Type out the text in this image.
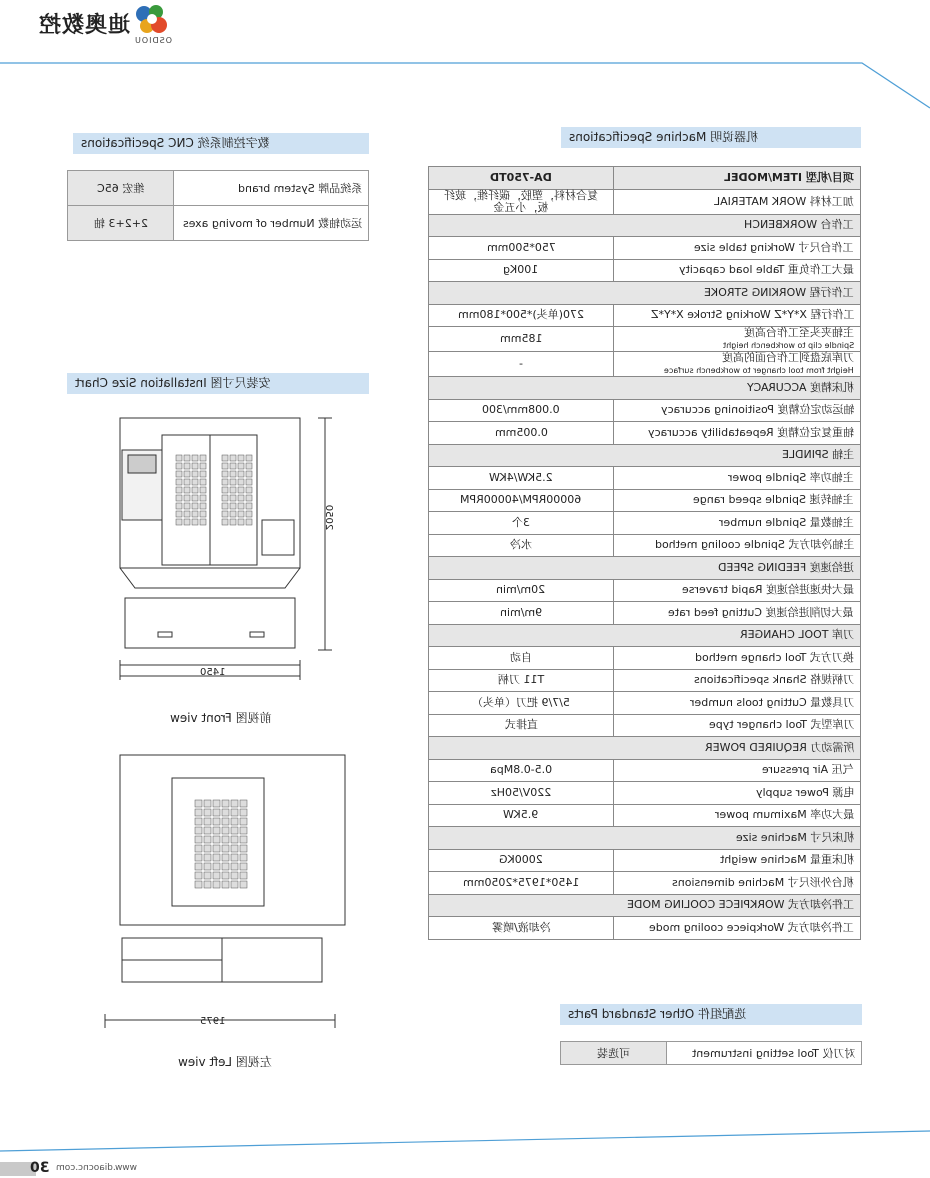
迪奥数控
OSDIOU
数字控制系统 CNC Specifications
维宏 65C	系统品牌 System brand
2+2+3 轴	运动轴数 Number of moving axes
安装尺寸图 Installation Size Chart
1450
2050
前视图 Front view
1975
左视图 Left view
机器说明 Machine Specifications
DA-750TD	项目/机型 ITEM/MODEL
复合材料，塑胶，碳纤维，玻纤板，小五金	加工材料 WORK MATERIAL
工作台 WORKBENCH	
750*500mm	工作台尺寸 Working table size
100Kg	最大工作负重 Table load capacity
工作行程 WORKING STROKE	
270(单头)*500*180mm	工作行程 X*Y*Z Working Stroke X*Y*Z
185mm	主轴夹头至工作台高度
Spindle clip to workbench height
-	刀库底盘到工作台面的高度
Height from tool changer to workbench surface
机床精度 ACCURACY	
0.008mm/300	轴运动定位精度 Positioning accuracy
0.005mm	轴重复定位精度 Repeatability accuracy
主轴 SPINDLE	
2.5KW/4KW	主轴功率 Spindle power
60000RPM/40000RPM	主轴转速 Spindle speed range
3个	主轴数量 Spindle number
水冷	主轴冷却方式 Spindle cooling method
进给速度 FEEDING SPEED	
20m/min	最大快速进给速度 Rapid traverse
9m/min	最大切削进给速度 Cutting feed rate
刀库 TOOL CHANGER	
自动	换刀方式 Tool change method
T11 刀柄	刀柄规格 Shank specifications
5/7/9 把刀（单头）	刀具数量 Cutting tools number
直排式	刀库型式 Tool changer type
所需动力 REQUIRED POWER	
0.5-0.8Mpa	气压 Air pressure
220V/50Hz	电源 Power supply
9.5KW	最大功率 Maximum power
机床尺寸 Machine size	
2000KG	机床重量 Machine weight
1450*1975*2050mm	机台外形尺寸 Machine dimensions
工件冷却方式 WORKPIECE COOLING MODE	
冷却液/喷雾	工件冷却方式 Workpiece cooling mode
选配组件 Other Standard Parts
可选装	对刀仪 Tool setting instrument
30 www.diaocnc.com
